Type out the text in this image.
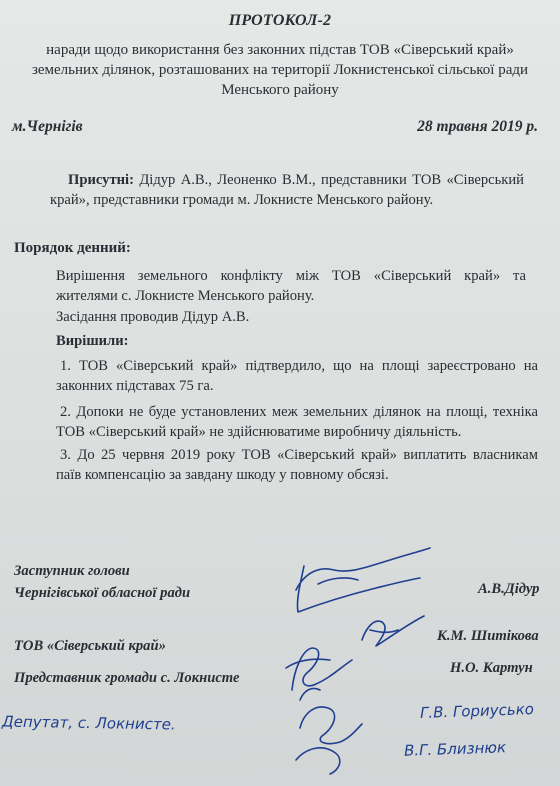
ПРОТОКОЛ-2
наради щодо використання без законних підстав ТОВ «Сіверський край»
земельних ділянок, розташованих на території Локнистенської сільської ради
Менського району
м.Чернігів	28 травня 2019 р.
Присутні: Дідур А.В., Леоненко В.М., представники ТОВ «Сіверський край», представники громади м. Локнисте Менського району.
Порядок денний:
Вирішення земельного конфлікту між ТОВ «Сіверський край» та жителями с. Локнисте Менського району.
Засідання проводив Дідур А.В.
Вирішили:
1. ТОВ «Сіверський край» підтвердило, що на площі зареєстровано на законних підставах 75 га.
2. Допоки не буде установлених меж земельних ділянок на площі, техніка ТОВ «Сіверський край» не здійснюватиме виробничу діяльність.
3. До 25 червня 2019 року ТОВ «Сіверський край» виплатить власникам паїв компенсацію за завдану шкоду у повному обсязі.
Заступник голови
Чернігівської обласної ради	А.В.Дідур
ТОВ «Сіверський край»
К.М. Шитікова
Представник громади с. Локнисте
Н.О. Картун
Депутат, с. Локнисте.
Г.В. Гориусько
В.Г. Близнюк
